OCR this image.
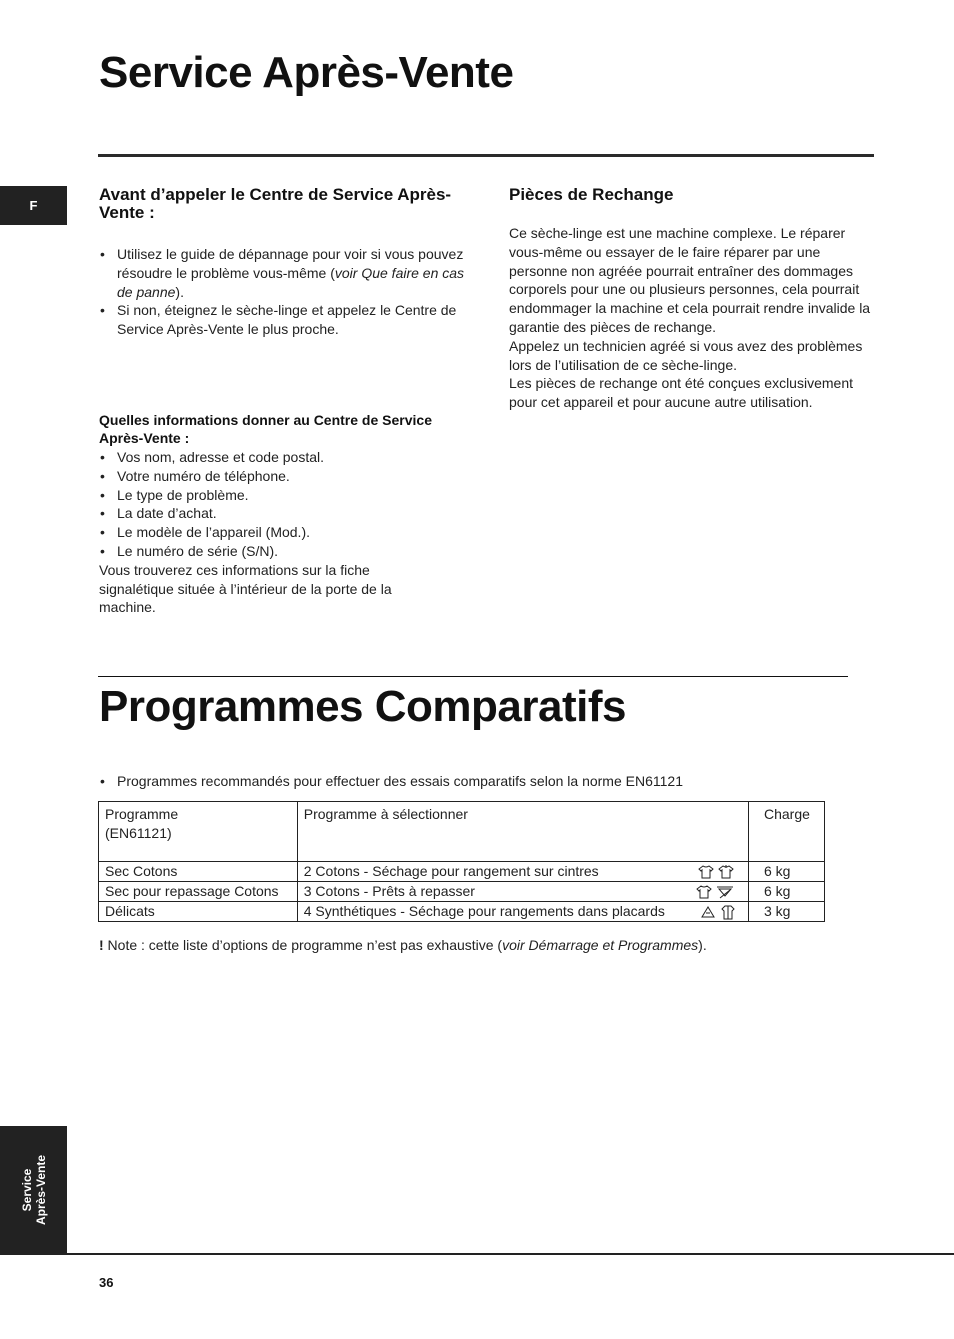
Service Après-Vente
F
Avant d’appeler le Centre de Service Après-Vente :
• Utilisez le guide de dépannage pour voir si vous pouvez résoudre le problème vous-même (voir Que faire en cas de panne).
• Si non, éteignez le sèche-linge et appelez le Centre de Service Après-Vente le plus proche.
Quelles informations donner au Centre de Service Après-Vente :
• Vos nom, adresse et code postal.
• Votre numéro de téléphone.
• Le type de problème.
• La date d’achat.
• Le modèle de l’appareil (Mod.).
• Le numéro de série (S/N).
Vous trouverez ces informations sur la fiche signalétique située à l’intérieur de la porte de la machine.
Pièces de Rechange
Ce sèche-linge est une machine complexe. Le réparer vous-même ou essayer de le faire réparer par une personne non agréée pourrait entraîner des dommages corporels pour une ou plusieurs personnes, cela pourrait endommager la machine et cela pourrait rendre invalide la garantie des pièces de rechange.
Appelez un technicien agréé si vous avez des problèmes lors de l’utilisation de ce sèche-linge.
Les pièces de rechange ont été conçues exclusivement pour cet appareil et pour aucune autre utilisation.
Programmes Comparatifs
• Programmes recommandés pour effectuer des essais comparatifs selon la norme EN61121
Programme
(EN61121)	Programme à sélectionner	Charge
Sec Cotons	2 Cotons - Séchage pour rangement sur cintres	6 kg
Sec pour repassage Cotons	3 Cotons - Prêts à repasser	6 kg
Délicats	4 Synthétiques - Séchage pour rangements dans placards	3 kg
! Note : cette liste d’options de programme n’est pas exhaustive (voir Démarrage et Programmes).
Service Après-Vente
36
